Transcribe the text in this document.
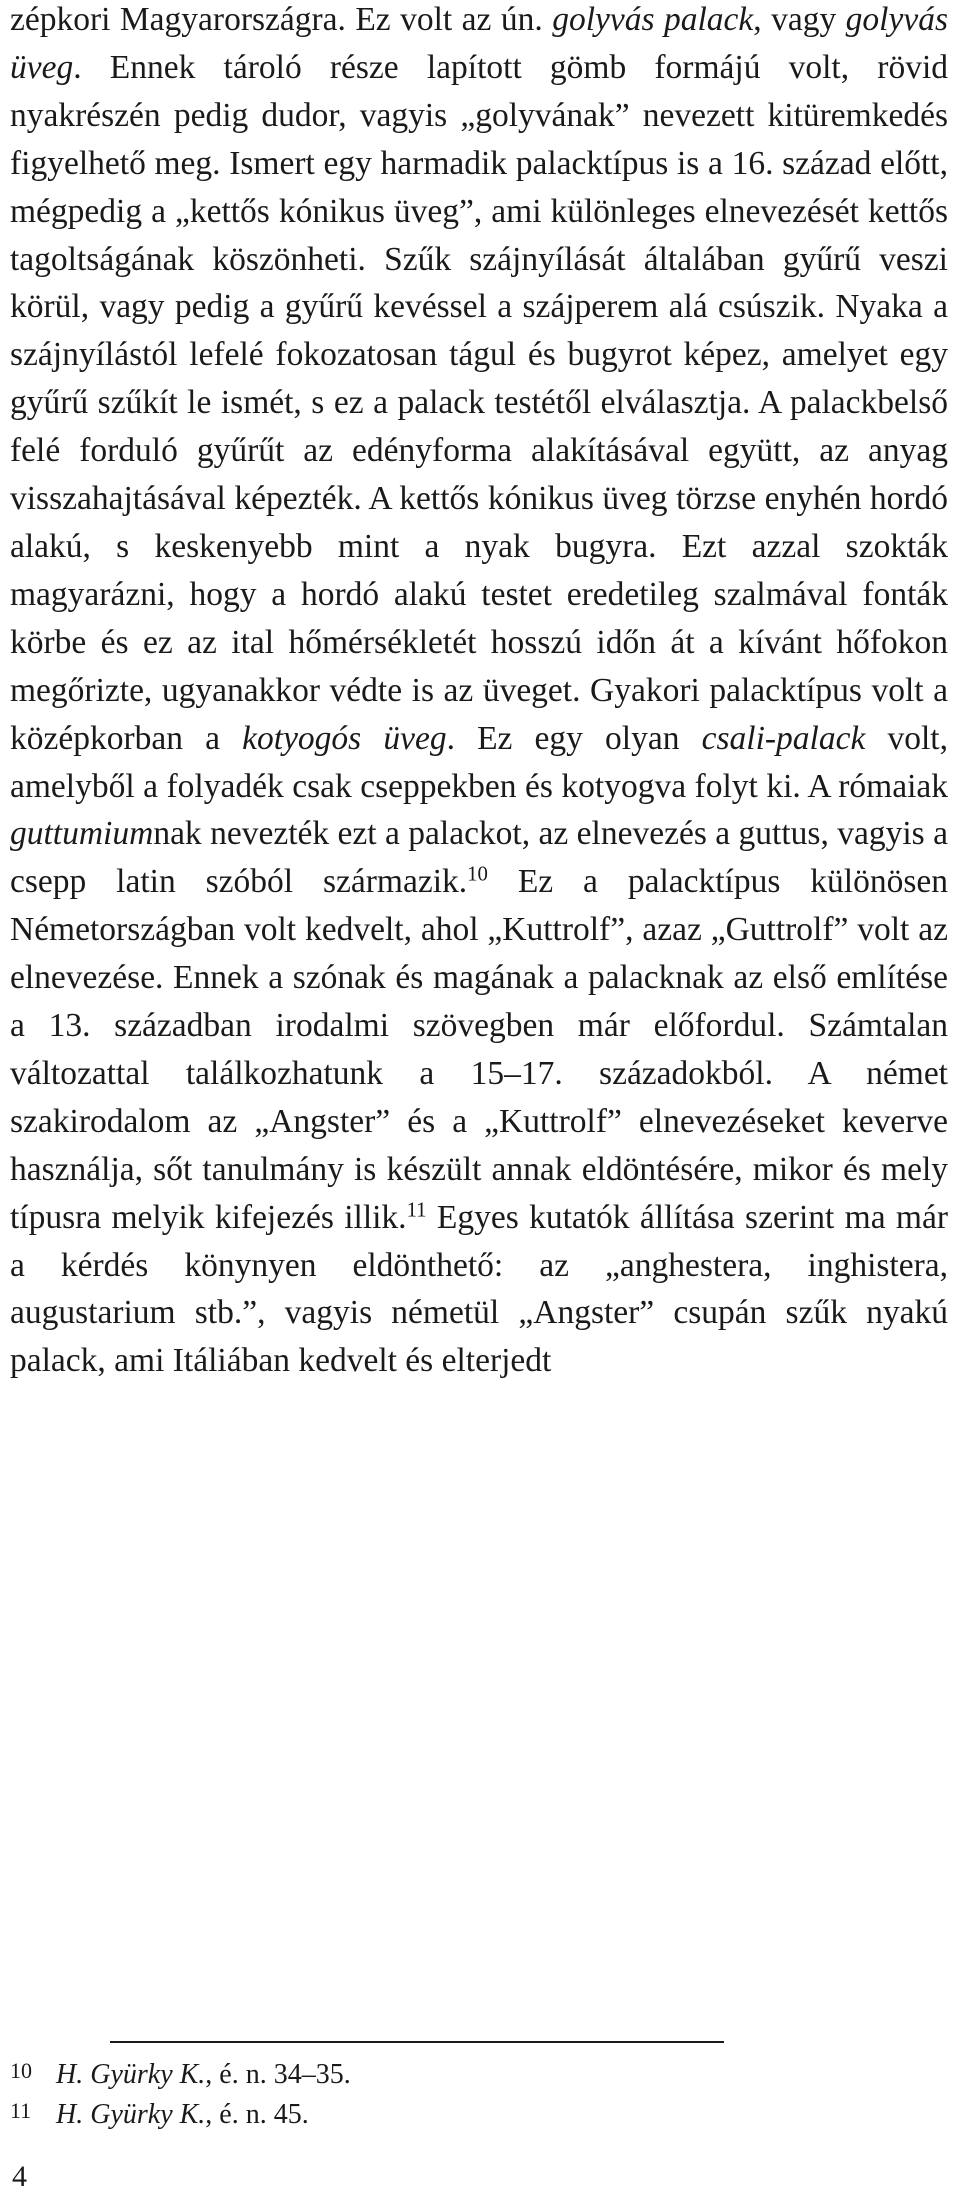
zépkori Magyarországra. Ez volt az ún. golyvás palack, vagy golyvás üveg. Ennek tároló része lapított gömb formájú volt, rövid nyakrészén pedig dudor, vagyis „golyvának” nevezett kitüremkedés figyelhető meg. Ismert egy harmadik palacktípus is a 16. század előtt, mégpedig a „kettős kónikus üveg”, ami különleges elnevezését kettős tagoltságának köszönheti. Szűk szájnyílását általában gyűrű veszi körül, vagy pedig a gyűrű kevéssel a szájperem alá csúszik. Nyaka a szájnyílástól lefelé fokozatosan tágul és bugyrot képez, amelyet egy gyűrű szűkít le ismét, s ez a palack testétől elválasztja. A palackbelső felé forduló gyűrűt az edényforma alakításával együtt, az anyag visszahajtásával képezték. A kettős kónikus üveg törzse enyhén hordó alakú, s keskenyebb mint a nyak bugyra. Ezt azzal szokták magyarázni, hogy a hordó alakú testet eredetileg szalmával fonták körbe és ez az ital hőmérsékletét hosszú időn át a kívánt hőfokon megőrizte, ugyanakkor védte is az üveget. Gyakori palacktípus volt a középkorban a kotyogós üveg. Ez egy olyan csali-palack volt, amelyből a folyadék csak cseppekben és kotyogva folyt ki. A rómaiak guttumiumnak nevezték ezt a palackot, az elnevezés a guttus, vagyis a csepp latin szóból származik.$^{10}$ Ez a palacktípus különösen Németországban volt kedvelt, ahol „Kuttrolf”, azaz „Guttrolf” volt az elnevezése. Ennek a szónak és magának a palacknak az első említése a 13. században irodalmi szövegben már előfordul. Számtalan változattal találkozhatunk a 15–17. századokból. A német szakirodalom az „Angster” és a „Kuttrolf” elnevezéseket keverve használja, sőt tanulmány is készült annak eldöntésére, mikor és mely típusra melyik kifejezés illik.$^{11}$ Egyes kutatók állítása szerint ma már a kérdés könynyen eldönthető: az „anghestera, inghistera, augustarium stb.”, vagyis németül „Angster” csupán szűk nyakú palack, ami Itáliában kedvelt és elterjedt

10 H. Gyürky K., é. n. 34–35.
11 H. Gyürky K., é. n. 45.
4
